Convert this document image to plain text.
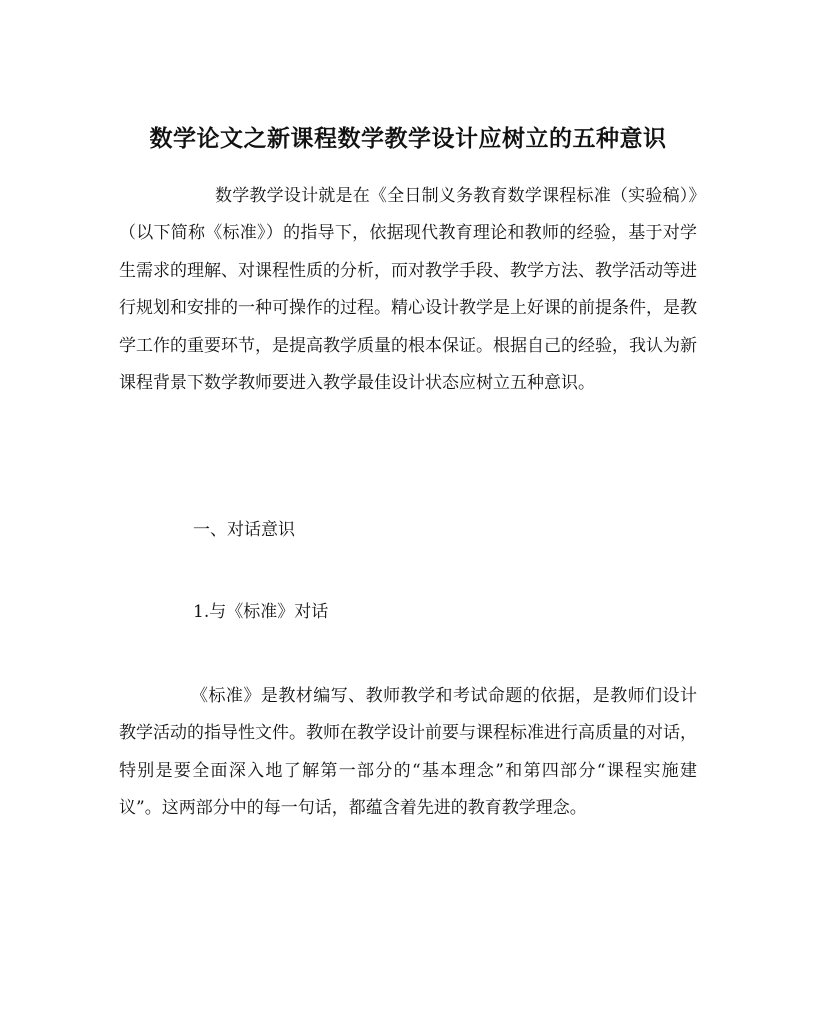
数学论文之新课程数学教学设计应树立的五种意识

数学教学设计就是在《全日制义务教育数学课程标准（实验稿）》（以下简称《标准》）的指导下，依据现代教育理论和教师的经验，基于对学生需求的理解、对课程性质的分析，而对教学手段、教学方法、教学活动等进行规划和安排的一种可操作的过程。精心设计教学是上好课的前提条件，是教学工作的重要环节，是提高教学质量的根本保证。根据自己的经验，我认为新课程背景下数学教师要进入教学最佳设计状态应树立五种意识。

一、对话意识

1.与《标准》对话

《标准》是教材编写、教师教学和考试命题的依据，是教师们设计教学活动的指导性文件。教师在教学设计前要与课程标准进行高质量的对话，特别是要全面深入地了解第一部分的“基本理念”和第四部分“课程实施建议”。这两部分中的每一句话，都蕴含着先进的教育教学理念。
